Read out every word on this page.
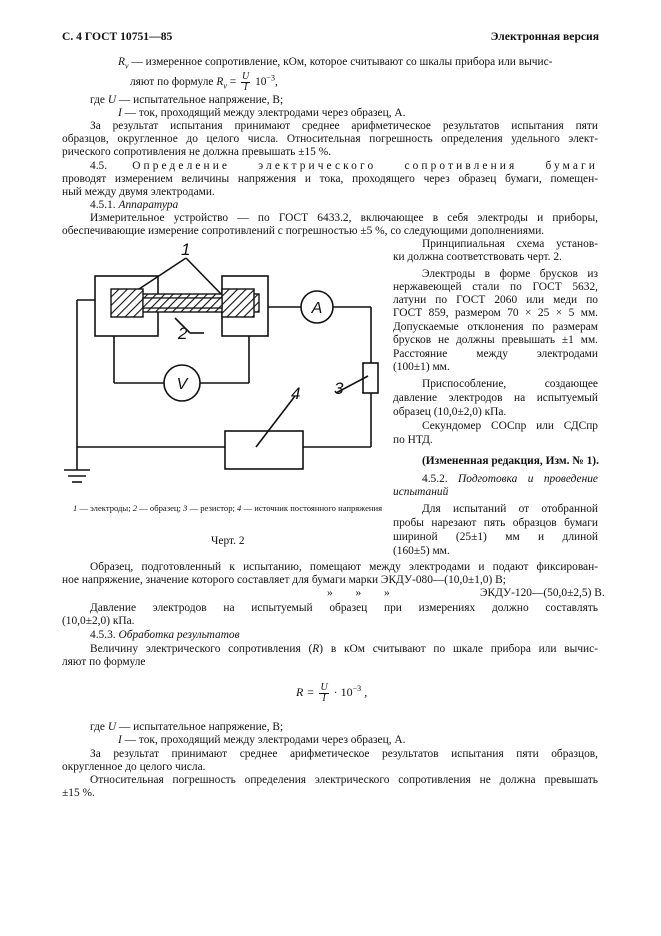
С. 4 ГОСТ 10751—85	Электронная версия
$R_v$ — измеренное сопротивление, кОм, которое считывают со шкалы прибора или вычис-
ляют по формуле $R_v = \frac{U}{I} 10^{-3}$,
где U — испытательное напряжение, В;
I — ток, проходящий между электродами через образец, А.
За результат испытания принимают среднее арифметическое результатов испытания пяти
образцов, округленное до целого числа. Относительная погрешность определения удельного элект-
рического сопротивления не должна превышать ±15 %.
4.5. Определение электрического сопротивления бумаги
проводят измерением величины напряжения и тока, проходящего через образец бумаги, помещен-
ный между двумя электродами.
4.5.1. Аппаратура
Измерительное устройство — по ГОСТ 6433.2, включающее в себя электроды и приборы,
обеспечивающие измерение сопротивлений с погрешностью ±5 %, со следующими дополнениями.
Принципиальная схема установ-
ки должна соответствовать черт. 2.
Электроды в форме брусков из
нержавеющей стали по ГОСТ 5632,
латуни по ГОСТ 2060 или меди по
ГОСТ 859, размером 70 × 25 × 5 мм.
Допускаемые отклонения по размерам
брусков не должны превышать ±1 мм.
Расстояние между электродами
(100±1) мм.
Приспособление, создающее
давление электродов на испытуемый
образец (10,0±2,0) кПа.
Секундомер СОСпр или СДСпр
по НТД.
(Измененная редакция, Изм. № 1).
4.5.2. Подготовка и проведение
испытаний
Для испытаний от отобранной
пробы нарезают пять образцов бумаги
шириной (25±1) мм и длиной
(160±5) мм.
1
2
3
4
A
V
1 — электроды; 2 — образец; 3 — резистор; 4 — источник постоянного напряжения
Черт. 2
Образец, подготовленный к испытанию, помещают между электродами и подают фиксирован-
ное напряжение, значение которого составляет для бумаги марки ЭКДУ-080—(10,0±1,0) В;
»        »        »	ЭКДУ-120—(50,0±2,5) В.
Давление электродов на испытуемый образец при измерениях должно составлять
(10,0±2,0) кПа.
4.5.3. Обработка результатов
Величину электрического сопротивления (R) в кОм считывают по шкале прибора или вычис-
ляют по формуле
$R = \frac{U}{I} \cdot 10^{-3}$ ,
где U — испытательное напряжение, В;
I — ток, проходящий между электродами через образец, А.
За результат принимают среднее арифметическое результатов испытания пяти образцов,
округленное до целого числа.
Относительная погрешность определения электрического сопротивления не должна превышать
±15 %.
